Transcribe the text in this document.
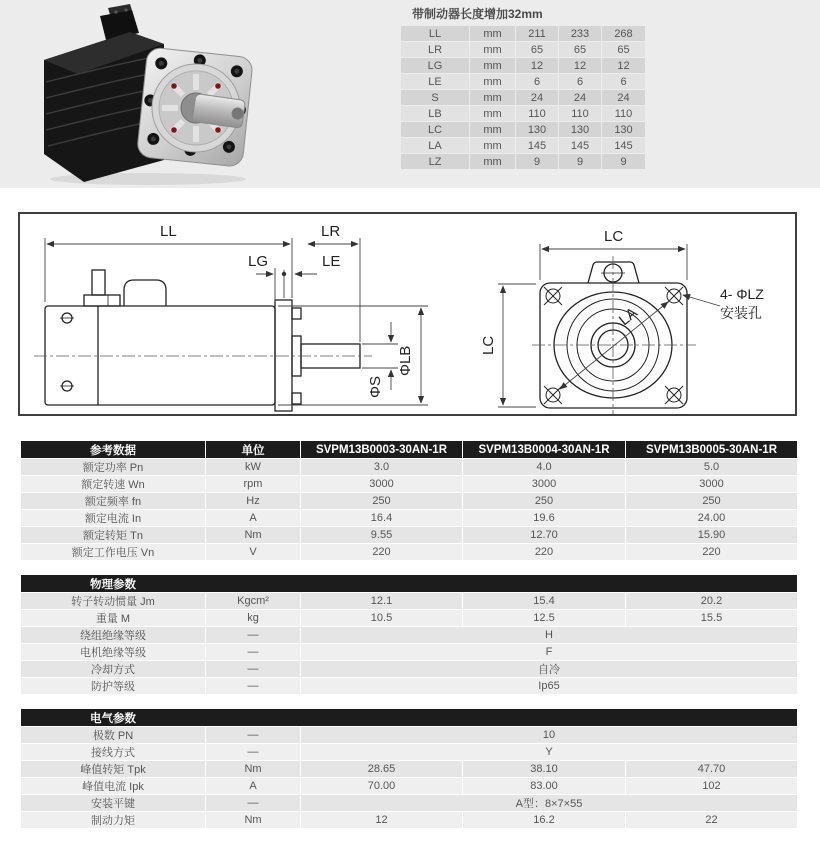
带制动器长度增加32mm
LL	mm	211	233	268
LR	mm	65	65	65
LG	mm	12	12	12
LE	mm	6	6	6
S	mm	24	24	24
LB	mm	110	110	110
LC	mm	130	130	130
LA	mm	145	145	145
LZ	mm	9	9	9
LL	LR
LG	LE
ΦLB
ΦS
LC
LC
LA
4- ΦLZ
安装孔
参考数据	单位	SVPM13B0003-30AN-1R	SVPM13B0004-30AN-1R	SVPM13B0005-30AN-1R
额定功率 Pn	kW	3.0	4.0	5.0
额定转速 Wn	rpm	3000	3000	3000
额定频率 fn	Hz	250	250	250
额定电流 In	A	16.4	19.6	24.00
额定转矩 Tn	Nm	9.55	12.70	15.90
额定工作电压 Vn	V	220	220	220
物理参数				

转子转动惯量 Jm	Kgcm²	12.1	15.4	20.2
重量 M	kg	10.5	12.5	15.5
绕组绝缘等级	—	H		
电机绝缘等级	—	F		
冷却方式	—	自冷		
防护等级	—	Ip65		
电气参数				

极数 PN	—	10		
接线方式	—	Y		
峰值转矩 Tpk	Nm	28.65	38.10	47.70
峰值电流 Ipk	A	70.00	83.00	102
安装平键	—	A型：8×7×55		
制动力矩	Nm	12	16.2	22
